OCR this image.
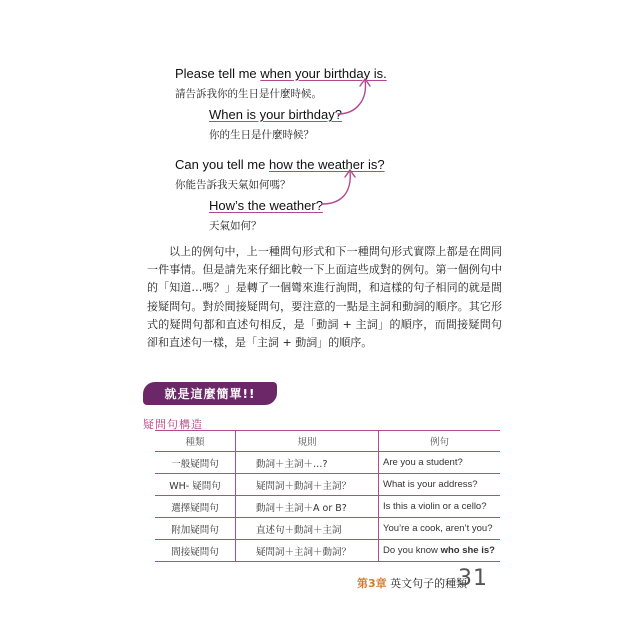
Please tell me when your birthday is.
請告訴我你的生日是什麼時候。
When is your birthday?
你的生日是什麼時候？
Can you tell me how the weather is?
你能告訴我天氣如何嗎？
How’s the weather?
天氣如何？
以上的例句中，上一種問句形式和下一種問句形式實際上都是在問同一件事情。但是請先來仔細比較一下上面這些成對的例句。第一個例句中的「知道…嗎？」是轉了一個彎來進行詢問，和這樣的句子相同的就是間接疑問句。對於間接疑問句，要注意的一點是主詞和動詞的順序。其它形式的疑問句都和直述句相反，是「動詞 + 主詞」的順序，而間接疑問句卻和直述句一樣，是「主詞 + 動詞」的順序。
就是這麼簡單!!
疑問句構造
種類	規則	例句
一般疑問句	動詞＋主詞＋…?	Are you a student?
WH- 疑問句	疑問詞＋動詞＋主詞？	What is your address?
選擇疑問句	動詞＋主詞＋A or B?	Is this a violin or a cello?
附加疑問句	直述句＋動詞＋主詞	You’re a cook, aren’t you?
間接疑問句	疑問詞＋主詞＋動詞？	Do you know who she is?
第3章 英文句子的種類
31
